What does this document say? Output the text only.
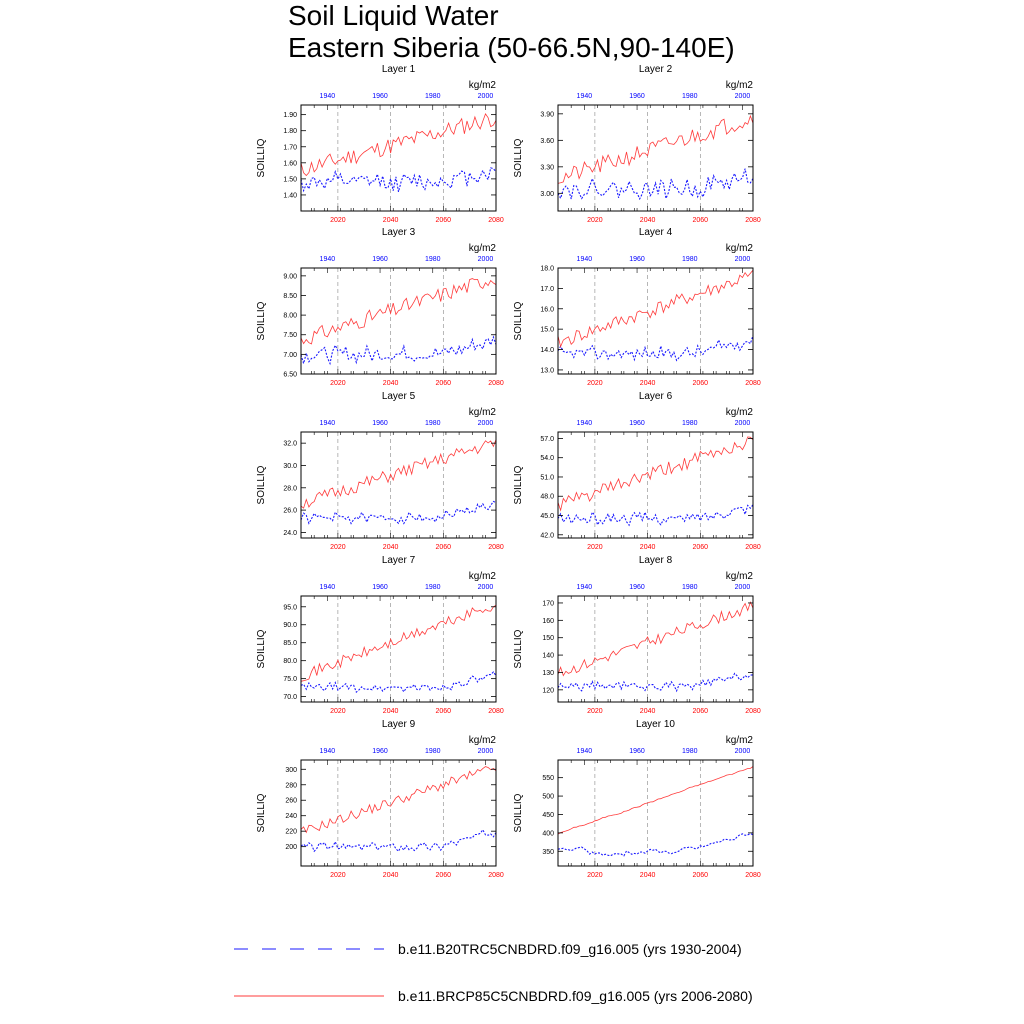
Soil Liquid Water
Eastern Siberia (50-66.5N,90-140E)
Layer 1
kg/m2
SOILLIQ
1.40
1.50
1.60
1.70
1.80
1.90
2020	2040	2060	2080
1940	1960	1980	2000
Layer 2
kg/m2
SOILLIQ
3.00
3.30
3.60
3.90
2020	2040	2060	2080
1940	1960	1980	2000
Layer 3
kg/m2
SOILLIQ
6.50
7.00
7.50
8.00
8.50
9.00
2020	2040	2060	2080
1940	1960	1980	2000
Layer 4
kg/m2
SOILLIQ
13.0
14.0
15.0
16.0
17.0
18.0
2020	2040	2060	2080
1940	1960	1980	2000
Layer 5
kg/m2
SOILLIQ
24.0
26.0
28.0
30.0
32.0
2020	2040	2060	2080
1940	1960	1980	2000
Layer 6
kg/m2
SOILLIQ
42.0
45.0
48.0
51.0
54.0
57.0
2020	2040	2060	2080
1940	1960	1980	2000
Layer 7
kg/m2
SOILLIQ
70.0
75.0
80.0
85.0
90.0
95.0
2020	2040	2060	2080
1940	1960	1980	2000
Layer 8
kg/m2
SOILLIQ
120
130
140
150
160
170
2020	2040	2060	2080
1940	1960	1980	2000
Layer 9
kg/m2
SOILLIQ
200
220
240
260
280
300
2020	2040	2060	2080
1940	1960	1980	2000
Layer 10
kg/m2
SOILLIQ
350
400
450
500
550
2020	2040	2060	2080
1940	1960	1980	2000
b.e11.B20TRC5CNBDRD.f09_g16.005 (yrs 1930-2004)
b.e11.BRCP85C5CNBDRD.f09_g16.005 (yrs 2006-2080)
